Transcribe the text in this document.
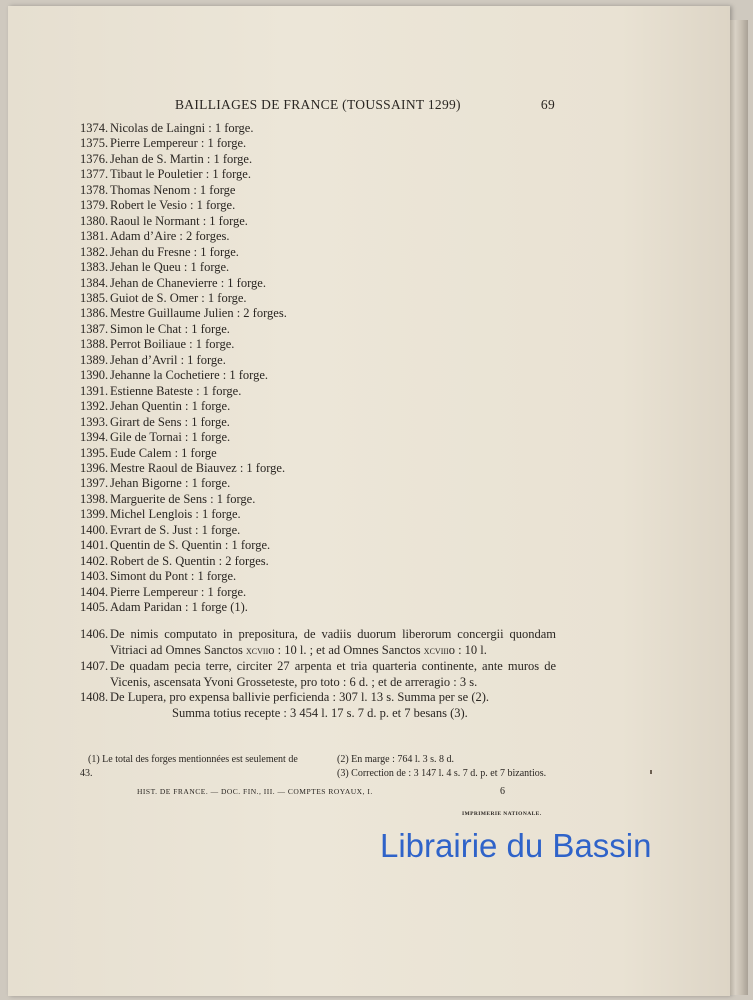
BAILLIAGES DE FRANCE (TOUSSAINT 1299)	69
1374. Nicolas de Laingni : 1 forge.
1375. Pierre Lempereur : 1 forge.
1376. Jehan de S. Martin : 1 forge.
1377. Tibaut le Pouletier : 1 forge.
1378. Thomas Nenom : 1 forge
1379. Robert le Vesio : 1 forge.
1380. Raoul le Normant : 1 forge.
1381. Adam d’Aire : 2 forges.
1382. Jehan du Fresne : 1 forge.
1383. Jehan le Queu : 1 forge.
1384. Jehan de Chanevierre : 1 forge.
1385. Guiot de S. Omer : 1 forge.
1386. Mestre Guillaume Julien : 2 forges.
1387. Simon le Chat : 1 forge.
1388. Perrot Boiliaue : 1 forge.
1389. Jehan d’Avril : 1 forge.
1390. Jehanne la Cochetiere : 1 forge.
1391. Estienne Bateste : 1 forge.
1392. Jehan Quentin : 1 forge.
1393. Girart de Sens : 1 forge.
1394. Gile de Tornai : 1 forge.
1395. Eude Calem : 1 forge
1396. Mestre Raoul de Biauvez : 1 forge.
1397. Jehan Bigorne : 1 forge.
1398. Marguerite de Sens : 1 forge.
1399. Michel Lenglois : 1 forge.
1400. Evrart de S. Just : 1 forge.
1401. Quentin de S. Quentin : 1 forge.
1402. Robert de S. Quentin : 2 forges.
1403. Simont du Pont : 1 forge.
1404. Pierre Lempereur : 1 forge.
1405. Adam Paridan : 1 forge (1).
1406. De nimis computato in prepositura, de vadiis duorum liberorum concergii quondam Vitriaci ad Omnes Sanctos xcviio : 10 l. ; et ad Omnes Sanctos xcviiio : 10 l.
1407. De quadam pecia terre, circiter 27 arpenta et tria quarteria continente, ante muros de Vicenis, ascensata Yvoni Grosseteste, pro toto : 6 d. ; et de arreragio : 3 s.
1408. De Lupera, pro expensa ballivie perficienda : 307 l. 13 s. Summa per se (2).
Summa totius recepte : 3 454 l. 17 s. 7 d. p. et 7 besans (3).
(1) Le total des forges mentionnées est seulement de 43.
(2) En marge : 764 l. 3 s. 8 d.
(3) Correction de : 3 147 l. 4 s. 7 d. p. et 7 bizantios.
HIST. DE FRANCE. — DOC. FIN., III. — COMPTES ROYAUX, I.	6
IMPRIMERIE NATIONALE.
Librairie du Bassin
